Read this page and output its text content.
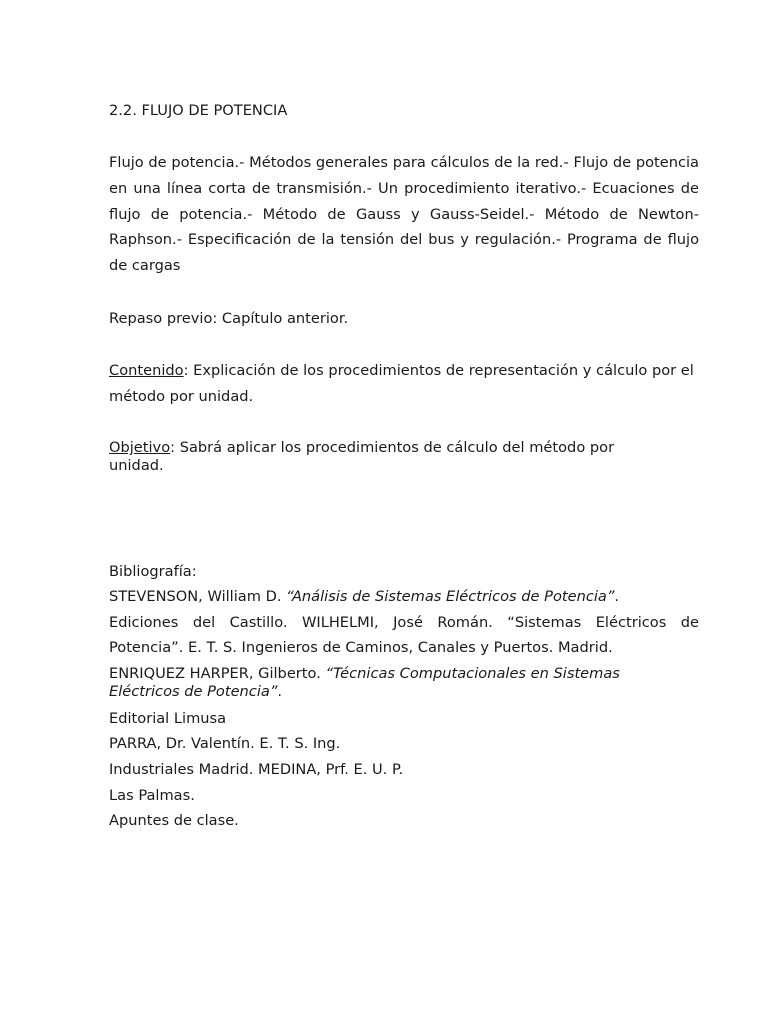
2.2. FLUJO DE POTENCIA

Flujo de potencia.- Métodos generales para cálculos de la red.- Flujo de potencia en una línea corta de transmisión.- Un procedimiento iterativo.- Ecuaciones de flujo de potencia.- Método de Gauss y Gauss-Seidel.- Método de Newton-Raphson.- Especificación de la tensión del bus y regulación.- Programa de flujo de cargas

Repaso previo: Capítulo anterior.

Contenido: Explicación de los procedimientos de representación y cálculo por el método por unidad.

Objetivo: Sabrá aplicar los procedimientos de cálculo del método por
unidad.
Bibliografía:
STEVENSON, William D. “Análisis de Sistemas Eléctricos de Potencia”.
Ediciones del Castillo. WILHELMI, José Román. “Sistemas Eléctricos de
Potencia”. E. T. S. Ingenieros de Caminos, Canales y Puertos. Madrid.
ENRIQUEZ HARPER, Gilberto. “Técnicas Computacionales en Sistemas
Eléctricos de Potencia”.
Editorial Limusa
PARRA, Dr. Valentín. E. T. S. Ing.
Industriales Madrid. MEDINA, Prf. E. U. P.
Las Palmas.
Apuntes de clase.
